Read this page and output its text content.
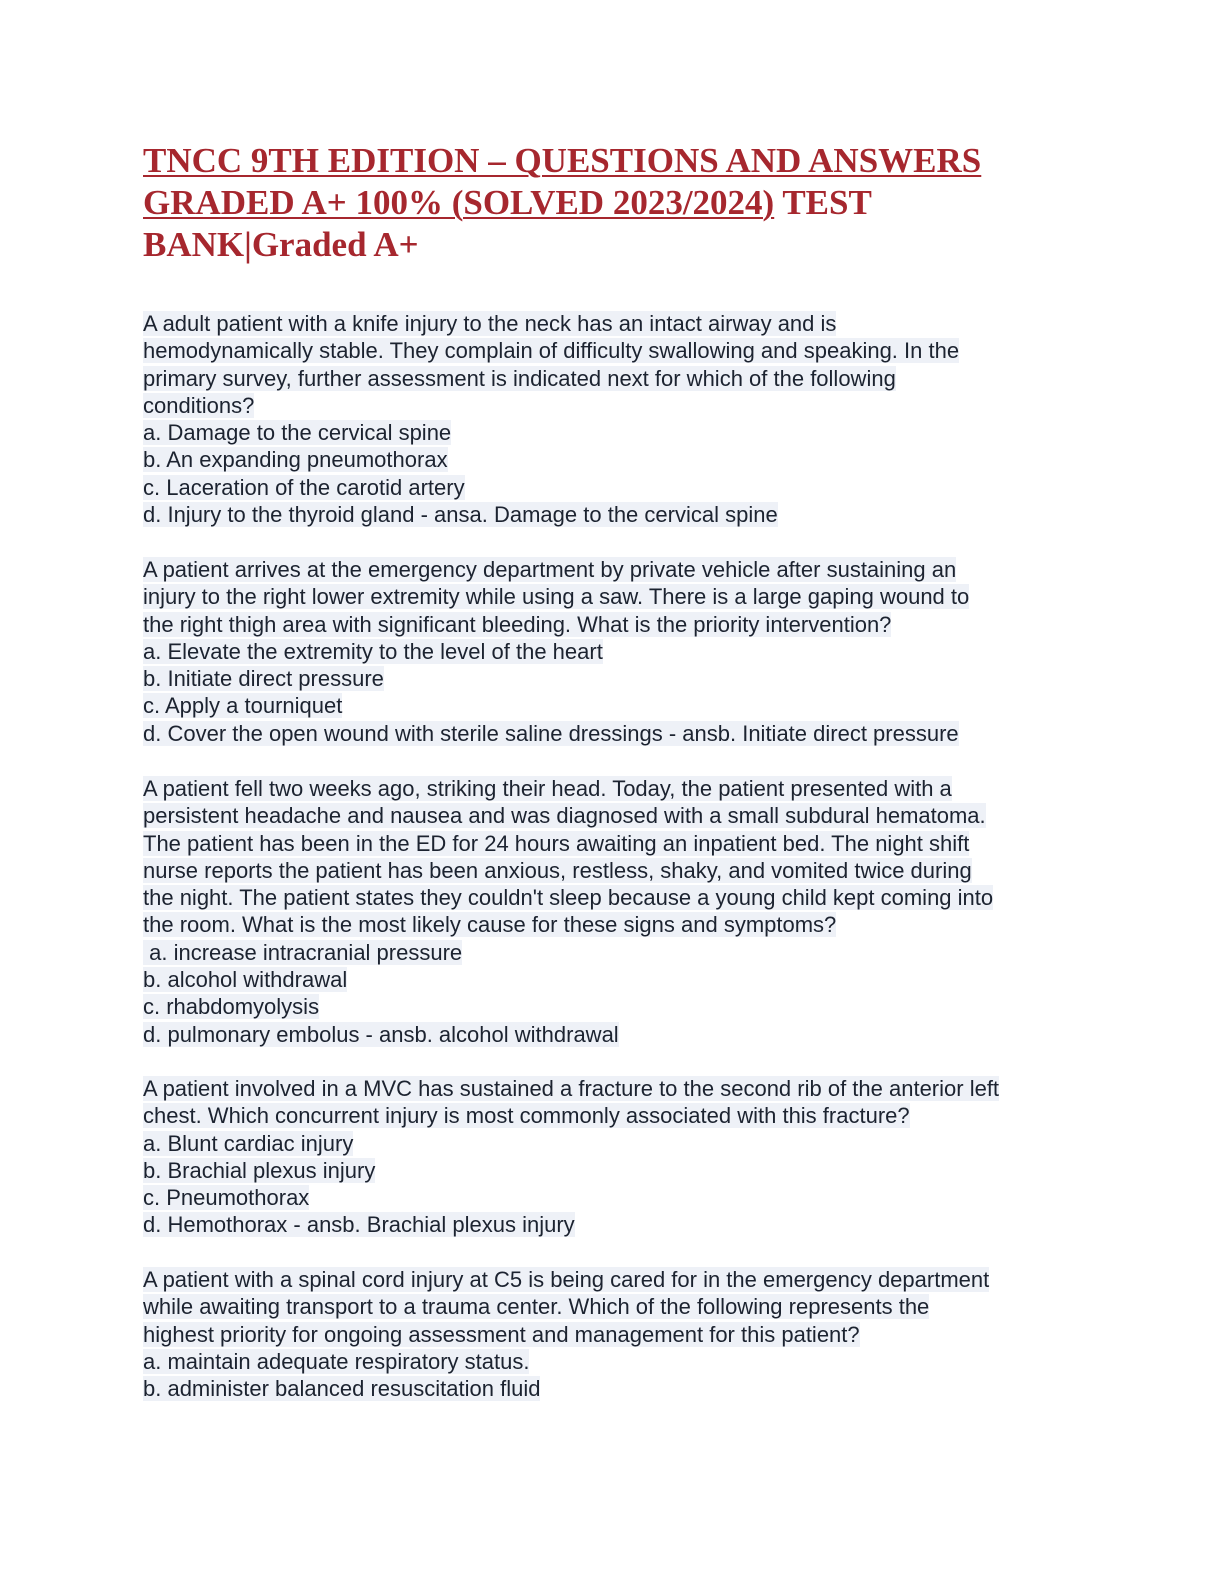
TNCC 9TH EDITION – QUESTIONS AND ANSWERS GRADED A+ 100% (SOLVED 2023/2024) TEST
BANK|Graded A+
A adult patient with a knife injury to the neck has an intact airway and is
hemodynamically stable. They complain of difficulty swallowing and speaking. In the
primary survey, further assessment is indicated next for which of the following
conditions?
a. Damage to the cervical spine
b. An expanding pneumothorax
c. Laceration of the carotid artery
d. Injury to the thyroid gland - ansa. Damage to the cervical spine
A patient arrives at the emergency department by private vehicle after sustaining an
injury to the right lower extremity while using a saw. There is a large gaping wound to
the right thigh area with significant bleeding. What is the priority intervention?
a. Elevate the extremity to the level of the heart
b. Initiate direct pressure
c. Apply a tourniquet
d. Cover the open wound with sterile saline dressings - ansb. Initiate direct pressure
A patient fell two weeks ago, striking their head. Today, the patient presented with a
persistent headache and nausea and was diagnosed with a small subdural hematoma.
The patient has been in the ED for 24 hours awaiting an inpatient bed. The night shift
nurse reports the patient has been anxious, restless, shaky, and vomited twice during
the night. The patient states they couldn't sleep because a young child kept coming into
the room. What is the most likely cause for these signs and symptoms?
a. increase intracranial pressure
b. alcohol withdrawal
c. rhabdomyolysis
d. pulmonary embolus - ansb. alcohol withdrawal
A patient involved in a MVC has sustained a fracture to the second rib of the anterior left
chest. Which concurrent injury is most commonly associated with this fracture?
a. Blunt cardiac injury
b. Brachial plexus injury
c. Pneumothorax
d. Hemothorax - ansb. Brachial plexus injury
A patient with a spinal cord injury at C5 is being cared for in the emergency department
while awaiting transport to a trauma center. Which of the following represents the
highest priority for ongoing assessment and management for this patient?
a. maintain adequate respiratory status.
b. administer balanced resuscitation fluid
